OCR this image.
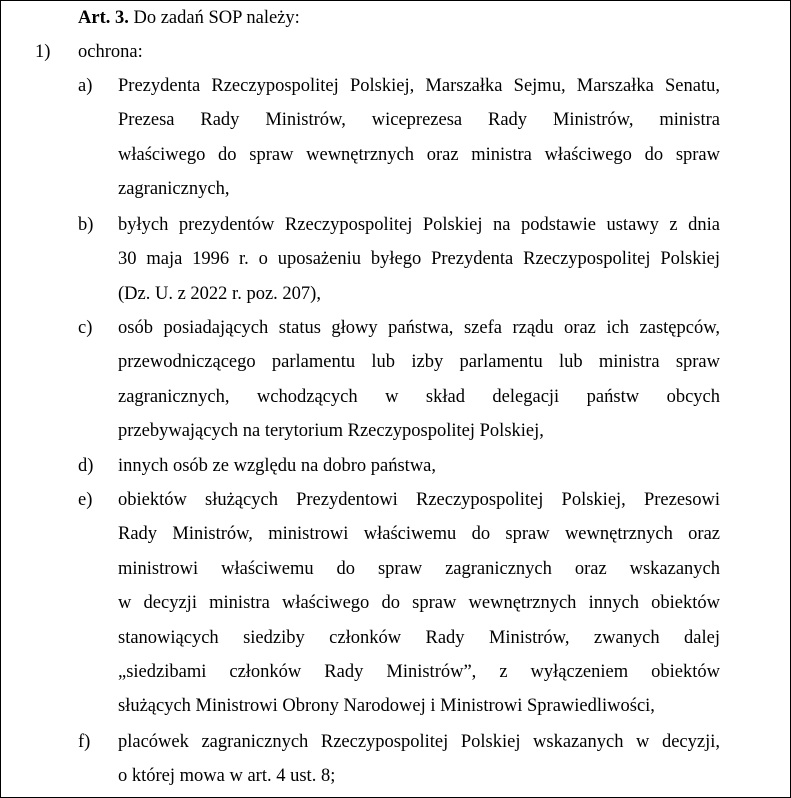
Art. 3. Do zadań SOP należy:
1) ochrona:
a) Prezydenta Rzeczypospolitej Polskiej, Marszałka Sejmu, Marszałka Senatu,
Prezesa Rady Ministrów, wiceprezesa Rady Ministrów, ministra
właściwego do spraw wewnętrznych oraz ministra właściwego do spraw
zagranicznych,
b) byłych prezydentów Rzeczypospolitej Polskiej na podstawie ustawy z dnia
30 maja 1996 r. o uposażeniu byłego Prezydenta Rzeczypospolitej Polskiej
(Dz. U. z 2022 r. poz. 207),
c) osób posiadających status głowy państwa, szefa rządu oraz ich zastępców,
przewodniczącego parlamentu lub izby parlamentu lub ministra spraw
zagranicznych, wchodzących w skład delegacji państw obcych
przebywających na terytorium Rzeczypospolitej Polskiej,
d) innych osób ze względu na dobro państwa,
e) obiektów służących Prezydentowi Rzeczypospolitej Polskiej, Prezesowi
Rady Ministrów, ministrowi właściwemu do spraw wewnętrznych oraz
ministrowi właściwemu do spraw zagranicznych oraz wskazanych
w decyzji ministra właściwego do spraw wewnętrznych innych obiektów
stanowiących siedziby członków Rady Ministrów, zwanych dalej
„siedzibami członków Rady Ministrów”, z wyłączeniem obiektów
służących Ministrowi Obrony Narodowej i Ministrowi Sprawiedliwości,
f) placówek zagranicznych Rzeczypospolitej Polskiej wskazanych w decyzji,
o której mowa w art. 4 ust. 8;
